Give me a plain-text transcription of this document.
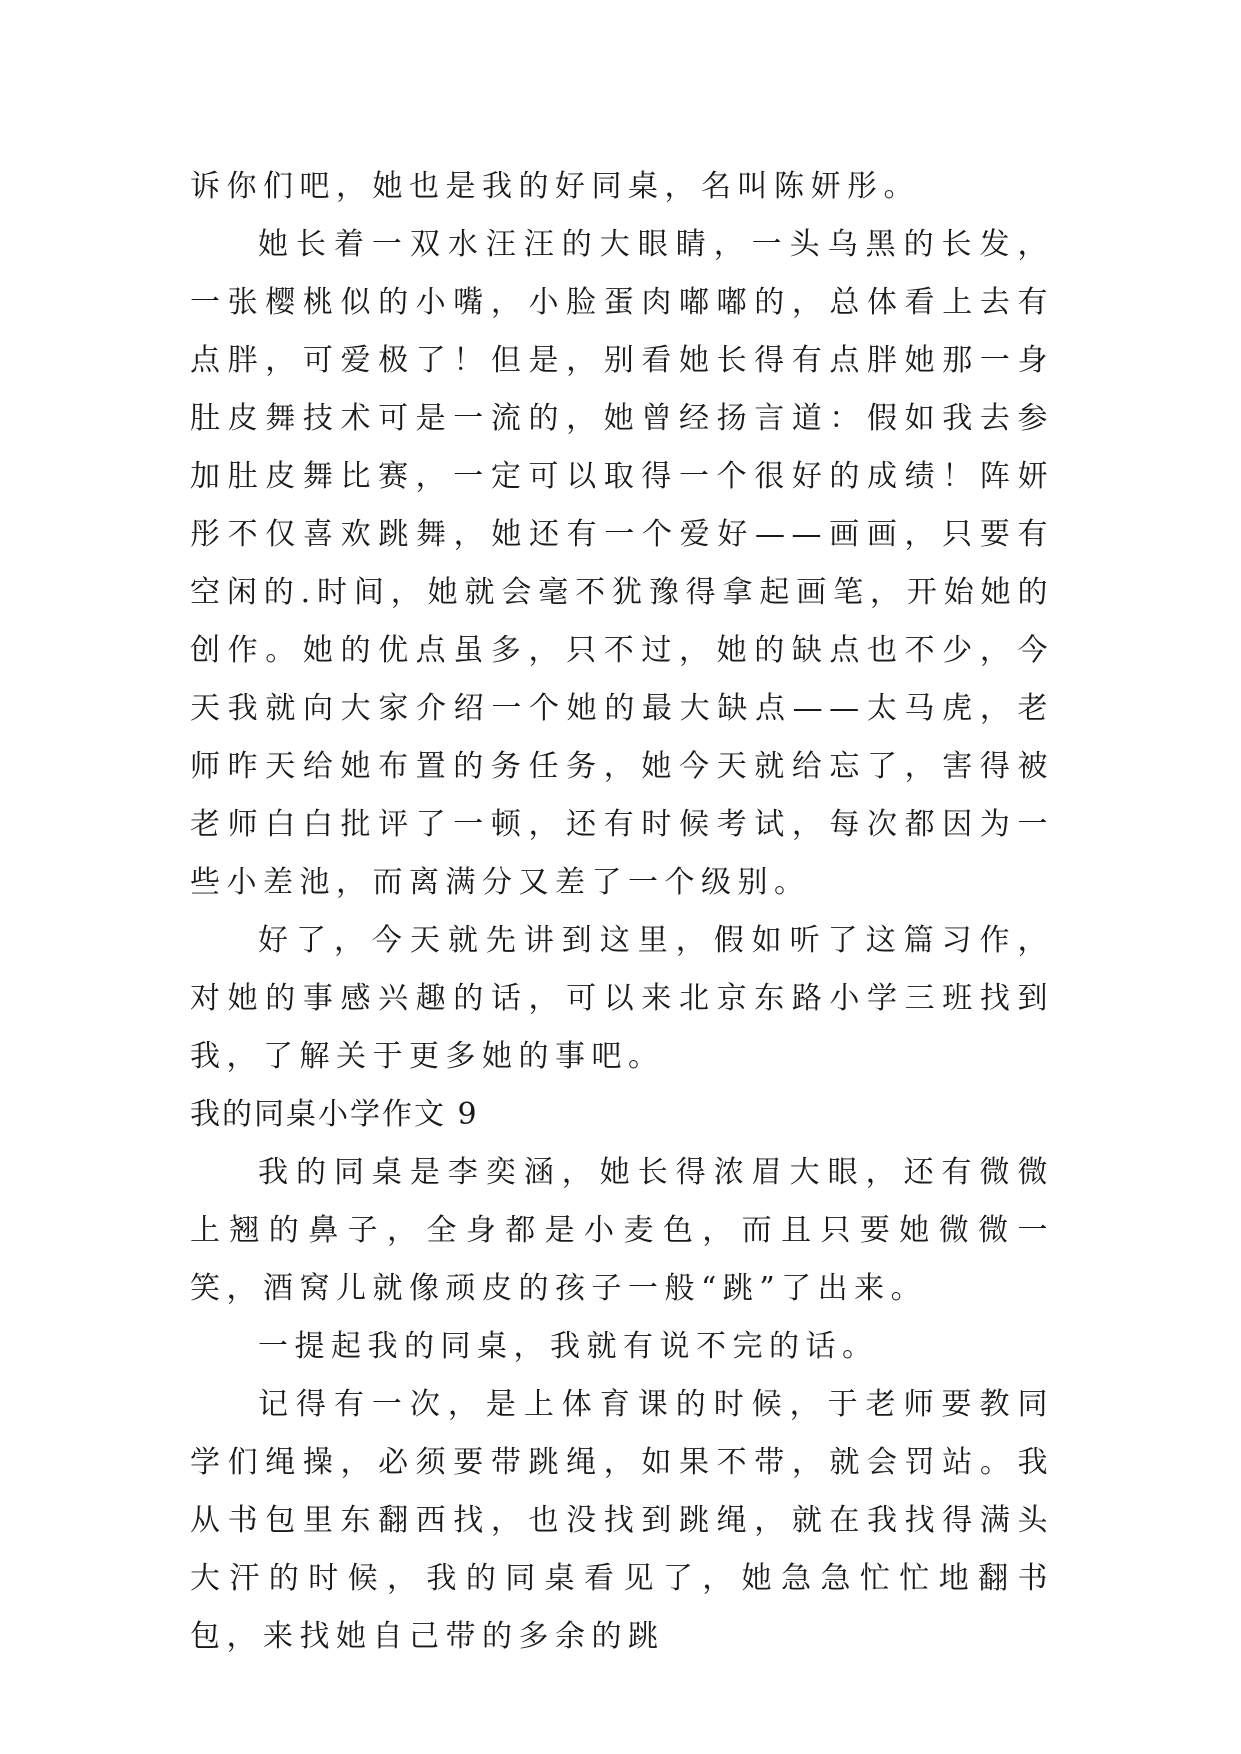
诉你们吧，她也是我的好同桌，名叫陈妍彤。

她长着一双水汪汪的大眼睛，一头乌黑的长发，一张樱桃似的小嘴，小脸蛋肉嘟嘟的，总体看上去有点胖，可爱极了！但是，别看她长得有点胖她那一身肚皮舞技术可是一流的，她曾经扬言道：假如我去参加肚皮舞比赛，一定可以取得一个很好的成绩！阵妍彤不仅喜欢跳舞，她还有一个爱好——画画，只要有空闲的.时间，她就会毫不犹豫得拿起画笔，开始她的创作。她的优点虽多，只不过，她的缺点也不少，今天我就向大家介绍一个她的最大缺点——太马虎，老师昨天给她布置的务任务，她今天就给忘了，害得被老师白白批评了一顿，还有时候考试，每次都因为一些小差池，而离满分又差了一个级别。

好了，今天就先讲到这里，假如听了这篇习作，对她的事感兴趣的话，可以来北京东路小学三班找到我，了解关于更多她的事吧。

我的同桌小学作文 9

我的同桌是李奕涵，她长得浓眉大眼，还有微微上翘的鼻子，全身都是小麦色，而且只要她微微一笑，酒窝儿就像顽皮的孩子一般“跳”了出来。

一提起我的同桌，我就有说不完的话。

记得有一次，是上体育课的时候，于老师要教同学们绳操，必须要带跳绳，如果不带，就会罚站。我从书包里东翻西找，也没找到跳绳，就在我找得满头大汗的时候，我的同桌看见了，她急急忙忙地翻书包，来找她自己带的多余的跳
